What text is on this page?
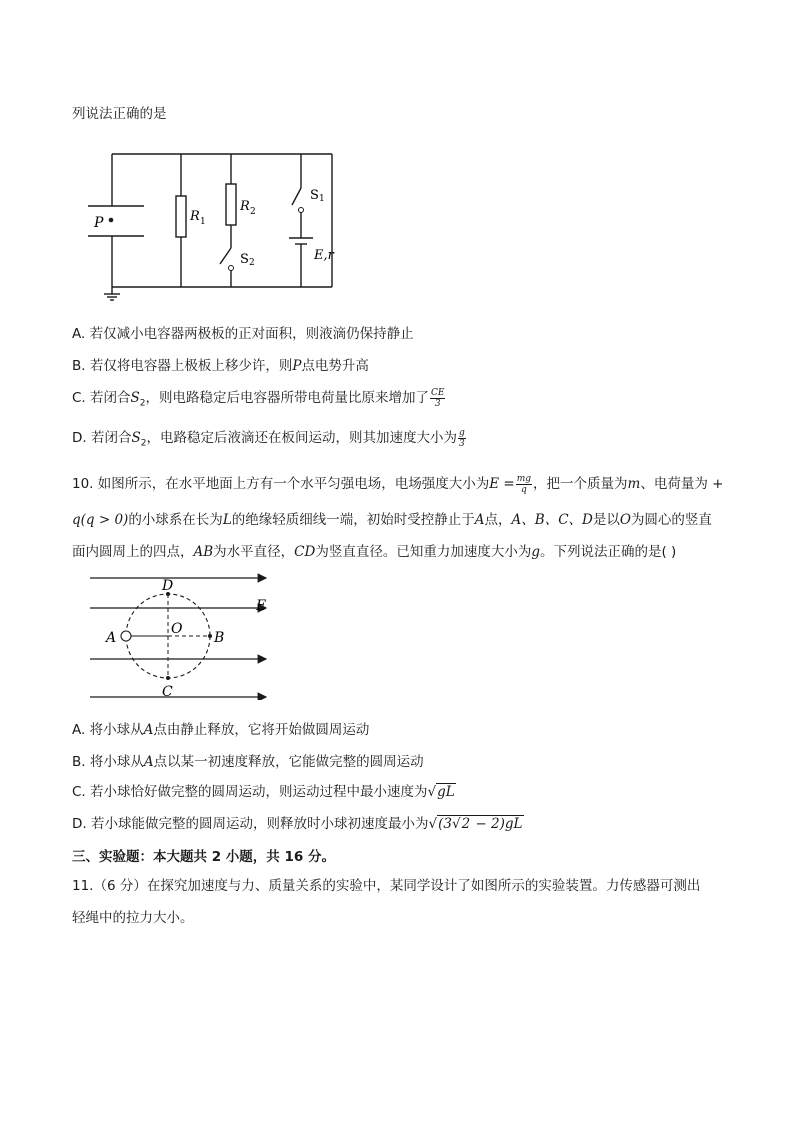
列说法正确的是
P	R 1
R 2
S 1
S 2	E,r
A. 若仅减小电容器两极板的正对面积，则液滴仍保持静止
B. 若仅将电容器上极板上移少许，则P点电势升高
C. 若闭合$S_2$，则电路稳定后电容器所带电荷量比原来增加了 $\frac{CE}{3}$
D. 若闭合$S_2$，电路稳定后液滴还在板间运动，则其加速度大小为 $\frac{g}{3}$
10. 如图所示，在水平地面上方有一个水平匀强电场，电场强度大小为$E = \frac{mg}{q}$ ，把一个质量为m、电荷量为 +
q(q > 0)的小球系在长为L的绝缘轻质细线一端，初始时受控静止于A点，A、B、C、D是以O为圆心的竖直
面内圆周上的四点，AB为水平直径，CD为竖直直径。已知重力加速度大小为g。下列说法正确的是( )
D
E
A
O
B
C
A. 将小球从A点由静止释放，它将开始做圆周运动
B. 将小球从A点以某一初速度释放，它能做完整的圆周运动
C. 若小球恰好做完整的圆周运动，则运动过程中最小速度为√gL
D. 若小球能做完整的圆周运动，则释放时小球初速度最小为√(3√2 − 2)gL
三、实验题：本大题共 2 小题，共 16 分。
11.（6 分）在探究加速度与力、质量关系的实验中，某同学设计了如图所示的实验装置。力传感器可测出
轻绳中的拉力大小。
